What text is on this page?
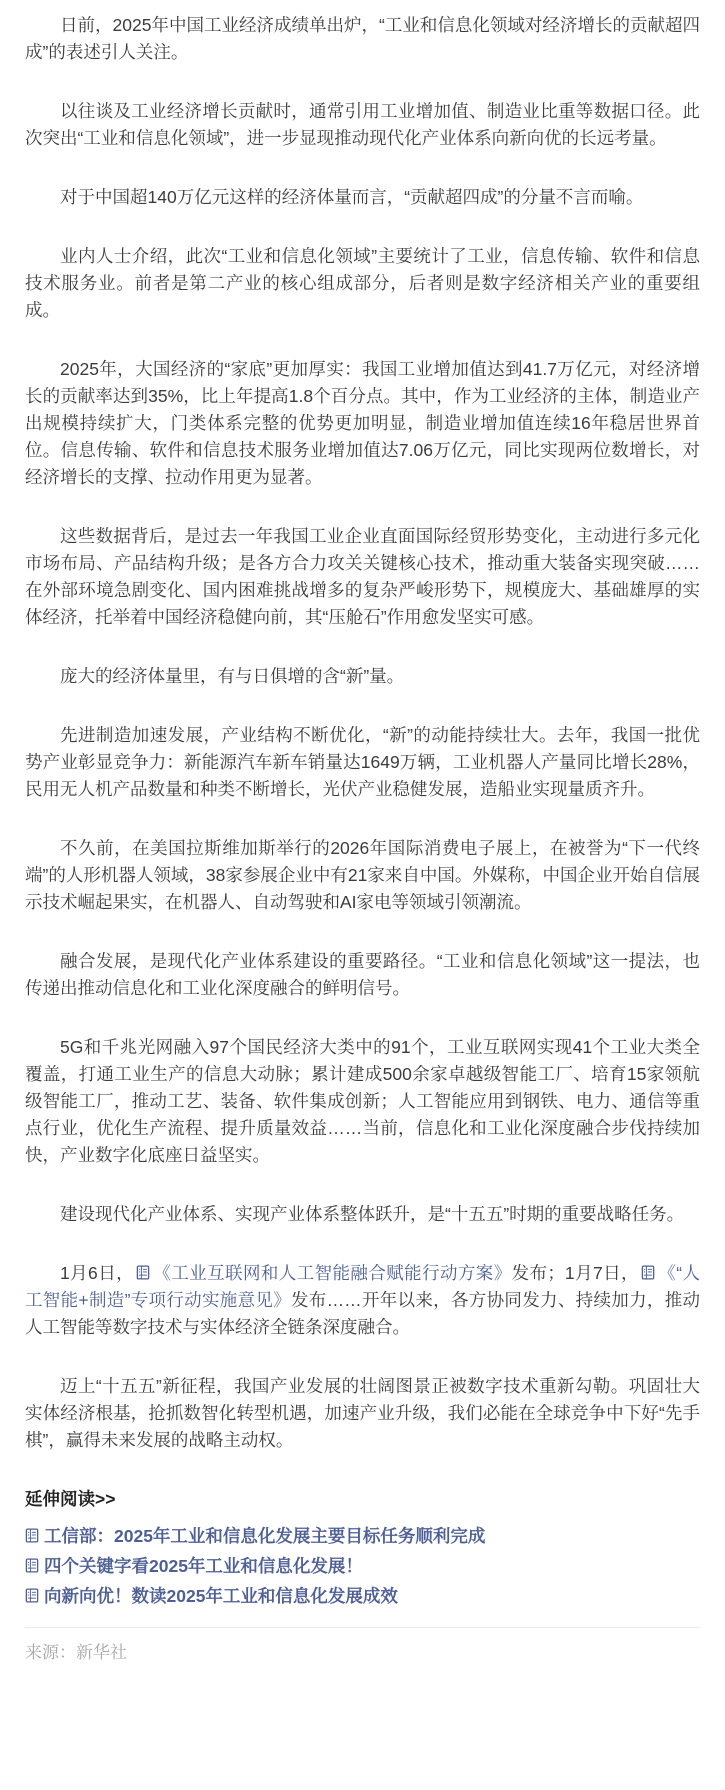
日前，2025年中国工业经济成绩单出炉，“工业和信息化领域对经济增长的贡献超四成”的表述引人关注。

以往谈及工业经济增长贡献时，通常引用工业增加值、制造业比重等数据口径。此次突出“工业和信息化领域”，进一步显现推动现代化产业体系向新向优的长远考量。

对于中国超140万亿元这样的经济体量而言，“贡献超四成”的分量不言而喻。

业内人士介绍，此次“工业和信息化领域”主要统计了工业，信息传输、软件和信息技术服务业。前者是第二产业的核心组成部分，后者则是数字经济相关产业的重要组成。

2025年，大国经济的“家底”更加厚实：我国工业增加值达到41.7万亿元，对经济增长的贡献率达到35%，比上年提高1.8个百分点。其中，作为工业经济的主体，制造业产出规模持续扩大，门类体系完整的优势更加明显，制造业增加值连续16年稳居世界首位。信息传输、软件和信息技术服务业增加值达7.06万亿元，同比实现两位数增长，对经济增长的支撑、拉动作用更为显著。

这些数据背后，是过去一年我国工业企业直面国际经贸形势变化，主动进行多元化市场布局、产品结构升级；是各方合力攻关关键核心技术，推动重大装备实现突破……在外部环境急剧变化、国内困难挑战增多的复杂严峻形势下，规模庞大、基础雄厚的实体经济，托举着中国经济稳健向前，其“压舱石”作用愈发坚实可感。

庞大的经济体量里，有与日俱增的含“新”量。

先进制造加速发展，产业结构不断优化，“新”的动能持续壮大。去年，我国一批优势产业彰显竞争力：新能源汽车新车销量达1649万辆，工业机器人产量同比增长28%，民用无人机产品数量和种类不断增长，光伏产业稳健发展，造船业实现量质齐升。

不久前，在美国拉斯维加斯举行的2026年国际消费电子展上，在被誉为“下一代终端”的人形机器人领域，38家参展企业中有21家来自中国。外媒称，中国企业开始自信展示技术崛起果实，在机器人、自动驾驶和AI家电等领域引领潮流。

融合发展，是现代化产业体系建设的重要路径。“工业和信息化领域”这一提法，也传递出推动信息化和工业化深度融合的鲜明信号。

5G和千兆光网融入97个国民经济大类中的91个，工业互联网实现41个工业大类全覆盖，打通工业生产的信息大动脉；累计建成500余家卓越级智能工厂、培育15家领航级智能工厂，推动工艺、装备、软件集成创新；人工智能应用到钢铁、电力、通信等重点行业，优化生产流程、提升质量效益……当前，信息化和工业化深度融合步伐持续加快，产业数字化底座日益坚实。

建设现代化产业体系、实现产业体系整体跃升，是“十五五”时期的重要战略任务。

1月6日， 《工业互联网和人工智能融合赋能行动方案》发布；1月7日， 《“人工智能+制造”专项行动实施意见》发布……开年以来，各方协同发力、持续加力，推动人工智能等数字技术与实体经济全链条深度融合。

迈上“十五五”新征程，我国产业发展的壮阔图景正被数字技术重新勾勒。巩固壮大实体经济根基，抢抓数智化转型机遇，加速产业升级，我们必能在全球竞争中下好“先手棋”，赢得未来发展的战略主动权。

延伸阅读>>
工信部：2025年工业和信息化发展主要目标任务顺利完成
四个关键字看2025年工业和信息化发展！
向新向优！数读2025年工业和信息化发展成效
来源：新华社
